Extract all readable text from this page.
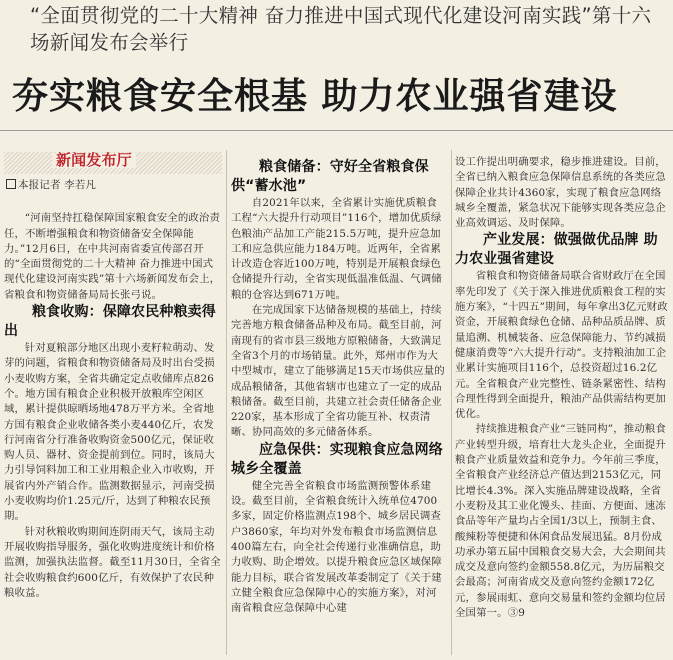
“全面贯彻党的二十大精神 奋力推进中国式现代化建设河南实践”第十六场新闻发布会举行
夯实粮食安全根基 助力农业强省建设
新闻发布厅
本报记者 李若凡

“河南坚持扛稳保障国家粮食安全的政治责任，不断增强粮食和物资储备安全保障能力。”12月6日，在中共河南省委宣传部召开的“全面贯彻党的二十大精神 奋力推进中国式现代化建设河南实践”第十六场新闻发布会上，省粮食和物资储备局局长张弓说。

粮食收购：保障农民种粮卖得出

针对夏粮部分地区出现小麦籽粒萌动、发芽的问题，省粮食和物资储备局及时出台受损小麦收购方案，全省共确定定点收储库点826个。地方国有粮食企业积极开放粮库空闲区域，累计提供晾晒场地478万平方米。全省地方国有粮食企业收储各类小麦440亿斤，农发行河南省分行准备收购资金500亿元，保证收购人员、器材、资金提前到位。同时，该局大力引导饲料加工和工业用粮企业入市收购，开展省内外产销合作。监测数据显示，河南受损小麦收购均价1.25元/斤，达到了种粮农民预期。

针对秋粮收购期间连阴雨天气，该局主动开展收购指导服务，强化收购进度统计和价格监测，加强执法监督。截至11月30日，全省全社会收购粮食约600亿斤，有效保护了农民种粮收益。

粮食储备：守好全省粮食保供“蓄水池”

自2021年以来，全省累计实施优质粮食工程“六大提升行动项目”116个，增加优质绿色粮油产品加工产能215.5万吨，提升应急加工和应急供应能力184万吨。近两年，全省累计改造仓容近100万吨，特别是开展粮食绿色仓储提升行动，全省实现低温准低温、气调储粮的仓容达到671万吨。

在完成国家下达储备规模的基础上，持续完善地方粮食储备品种及布局。截至目前，河南现有的省市县三级地方原粮储备，大致满足全省3个月的市场销量。此外，郑州市作为大中型城市，建立了能够满足15天市场供应量的成品粮储备，其他省辖市也建立了一定的成品粮储备。截至目前，共建立社会责任储备企业220家，基本形成了全省功能互补、权责清晰、协同高效的多元储备体系。

应急保供：实现粮食应急网络城乡全覆盖

健全完善全省粮食市场监测预警体系建设。截至目前，全省粮食统计入统单位4700多家，固定价格监测点198个、城乡居民调查户3860家，年均对外发布粮食市场监测信息400篇左右，向全社会传递行业准确信息，助力收购、助企增效。以提升粮食应急区域保障能力目标，联合省发展改革委制定了《关于建立健全粮食应急保障中心的实施方案》，对河南省粮食应急保障中心建

设工作提出明确要求，稳步推进建设。目前，全省已纳入粮食应急保障信息系统的各类应急保障企业共计4360家，实现了粮食应急网络城乡全覆盖，紧急状况下能够实现各类应急企业高效调运、及时保障。

产业发展：做强做优品牌 助力农业强省建设

省粮食和物资储备局联合省财政厅在全国率先印发了《关于深入推进优质粮食工程的实施方案》，“十四五”期间，每年拿出3亿元财政资金，开展粮食绿色仓储、品种品质品牌、质量追溯、机械装备、应急保障能力、节约减损健康消费等“六大提升行动”。支持粮油加工企业累计实施项目116个，总投资超过16.2亿元。全省粮食产业完整性、链条紧密性、结构合理性得到全面提升，粮油产品供需结构更加优化。

持续推进粮食产业“三链同构”，推动粮食产业转型升级，培育壮大龙头企业，全面提升粮食产业质量效益和竞争力。今年前三季度，全省粮食产业经济总产值达到2153亿元，同比增长4.3%。深入实施品牌建设战略，全省小麦粉及其工业化馒头、挂面、方便面、速冻食品等年产量均占全国1/3以上，预制主食、酸辣粉等便捷和休闲食品发展迅猛。8月份成功承办第五届中国粮食交易大会，大会期间共成交及意向签约金额558.8亿元，为历届粮交会最高；河南省成交及意向签约金额172亿元，参展雨虹、意向交易量和签约金额均位居全国第一。③9
